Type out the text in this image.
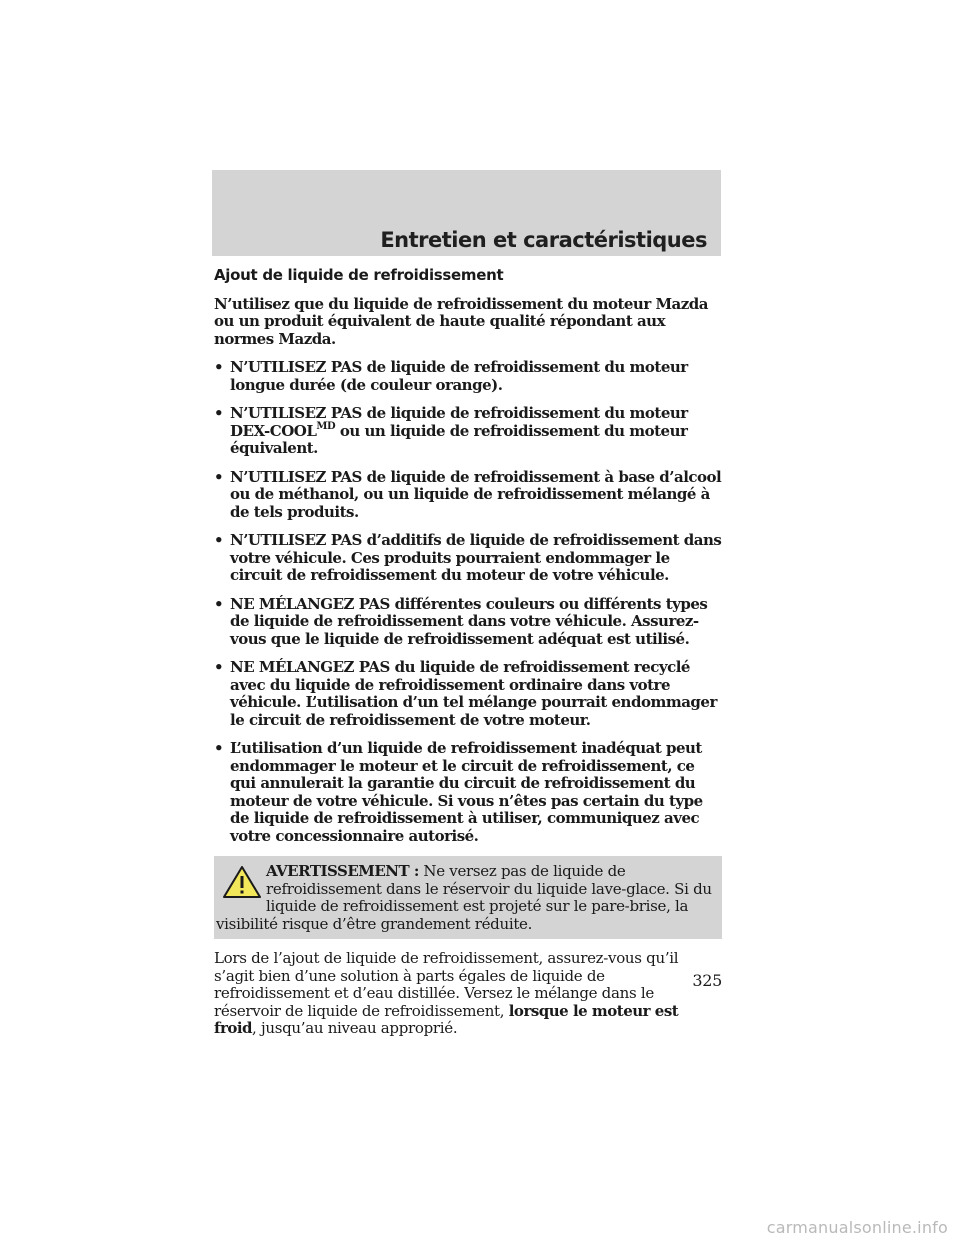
Entretien et caractéristiques
Ajout de liquide de refroidissement

N’utilisez que du liquide de refroidissement du moteur Mazda ou un produit équivalent de haute qualité répondant aux normes Mazda.

• N’UTILISEZ PAS de liquide de refroidissement du moteur longue durée (de couleur orange).
• N’UTILISEZ PAS de liquide de refroidissement du moteur DEX-$COOL^{MD}$ ou un liquide de refroidissement du moteur équivalent.
• N’UTILISEZ PAS de liquide de refroidissement à base d’alcool ou de méthanol, ou un liquide de refroidissement mélangé à de tels produits.
• N’UTILISEZ PAS d’additifs de liquide de refroidissement dans votre véhicule. Ces produits pourraient endommager le circuit de refroidissement du moteur de votre véhicule.
• NE MÉLANGEZ PAS différentes couleurs ou différents types de liquide de refroidissement dans votre véhicule. Assurez-vous que le liquide de refroidissement adéquat est utilisé.
• NE MÉLANGEZ PAS du liquide de refroidissement recyclé avec du liquide de refroidissement ordinaire dans votre véhicule. L’utilisation d’un tel mélange pourrait endommager le circuit de refroidissement de votre moteur.
• L’utilisation d’un liquide de refroidissement inadéquat peut endommager le moteur et le circuit de refroidissement, ce qui annulerait la garantie du circuit de refroidissement du moteur de votre véhicule. Si vous n’êtes pas certain du type de liquide de refroidissement à utiliser, communiquez avec votre concessionnaire autorisé.
AVERTISSEMENT : Ne versez pas de liquide de refroidissement dans le réservoir du liquide lave-glace. Si du liquide de refroidissement est projeté sur le pare-brise, la visibilité risque d’être grandement réduite.

Lors de l’ajout de liquide de refroidissement, assurez-vous qu’il s’agit bien d’une solution à parts égales de liquide de refroidissement et d’eau distillée. Versez le mélange dans le réservoir de liquide de refroidissement, lorsque le moteur est froid, jusqu’au niveau approprié.

325
carmanualsonline.info
